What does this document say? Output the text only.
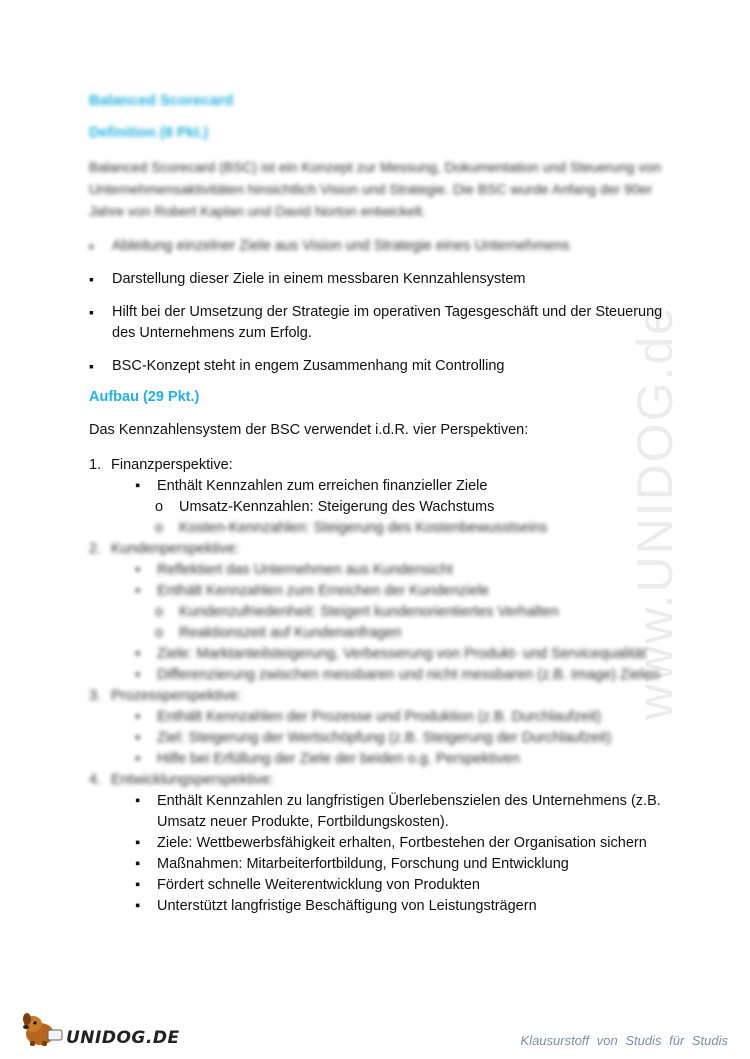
www.UNIDOG.de
Balanced Scorecard
Definition (8 Pkt.)
Balanced Scorecard (BSC) ist ein Konzept zur Messung, Dokumentation und Steuerung von Unternehmensaktivitäten hinsichtlich Vision und Strategie. Die BSC wurde Anfang der 90er Jahre von Robert Kaplan und David Norton entwickelt.
▪ Ableitung einzelner Ziele aus Vision und Strategie eines Unternehmens
▪ Darstellung dieser Ziele in einem messbaren Kennzahlensystem
▪ Hilft bei der Umsetzung der Strategie im operativen Tagesgeschäft und der Steuerung des Unternehmens zum Erfolg.
▪ BSC-Konzept steht in engem Zusammenhang mit Controlling
Aufbau (29 Pkt.)
Das Kennzahlensystem der BSC verwendet i.d.R. vier Perspektiven:
1. Finanzperspektive:
▪ Enthält Kennzahlen zum erreichen finanzieller Ziele
o Umsatz-Kennzahlen: Steigerung des Wachstums
o Kosten-Kennzahlen: Steigerung des Kostenbewusstseins
2. Kundenperspektive:
▪ Reflektiert das Unternehmen aus Kundensicht
▪ Enthält Kennzahlen zum Erreichen der Kundenziele
o Kundenzufriedenheit: Steigert kundenorientiertes Verhalten
o Reaktionszeit auf Kundenanfragen
▪ Ziele: Marktanteilsteigerung, Verbesserung von Produkt- und Servicequalität
▪ Differenzierung zwischen messbaren und nicht messbaren (z.B. Image) Zielen
3. Prozessperspektive:
▪ Enthält Kennzahlen der Prozesse und Produktion (z.B. Durchlaufzeit)
▪ Ziel: Steigerung der Wertschöpfung (z.B. Steigerung der Durchlaufzeit)
▪ Hilfe bei Erfüllung der Ziele der beiden o.g. Perspektiven
4. Entwicklungsperspektive:
▪ Enthält Kennzahlen zu langfristigen Überlebenszielen des Unternehmens (z.B. Umsatz neuer Produkte, Fortbildungskosten).
▪ Ziele: Wettbewerbsfähigkeit erhalten, Fortbestehen der Organisation sichern
▪ Maßnahmen: Mitarbeiterfortbildung, Forschung und Entwicklung
▪ Fördert schnelle Weiterentwicklung von Produkten
▪ Unterstützt langfristige Beschäftigung von Leistungsträgern
UNIDOG.DE	Klausurstoff von Studis für Studis
